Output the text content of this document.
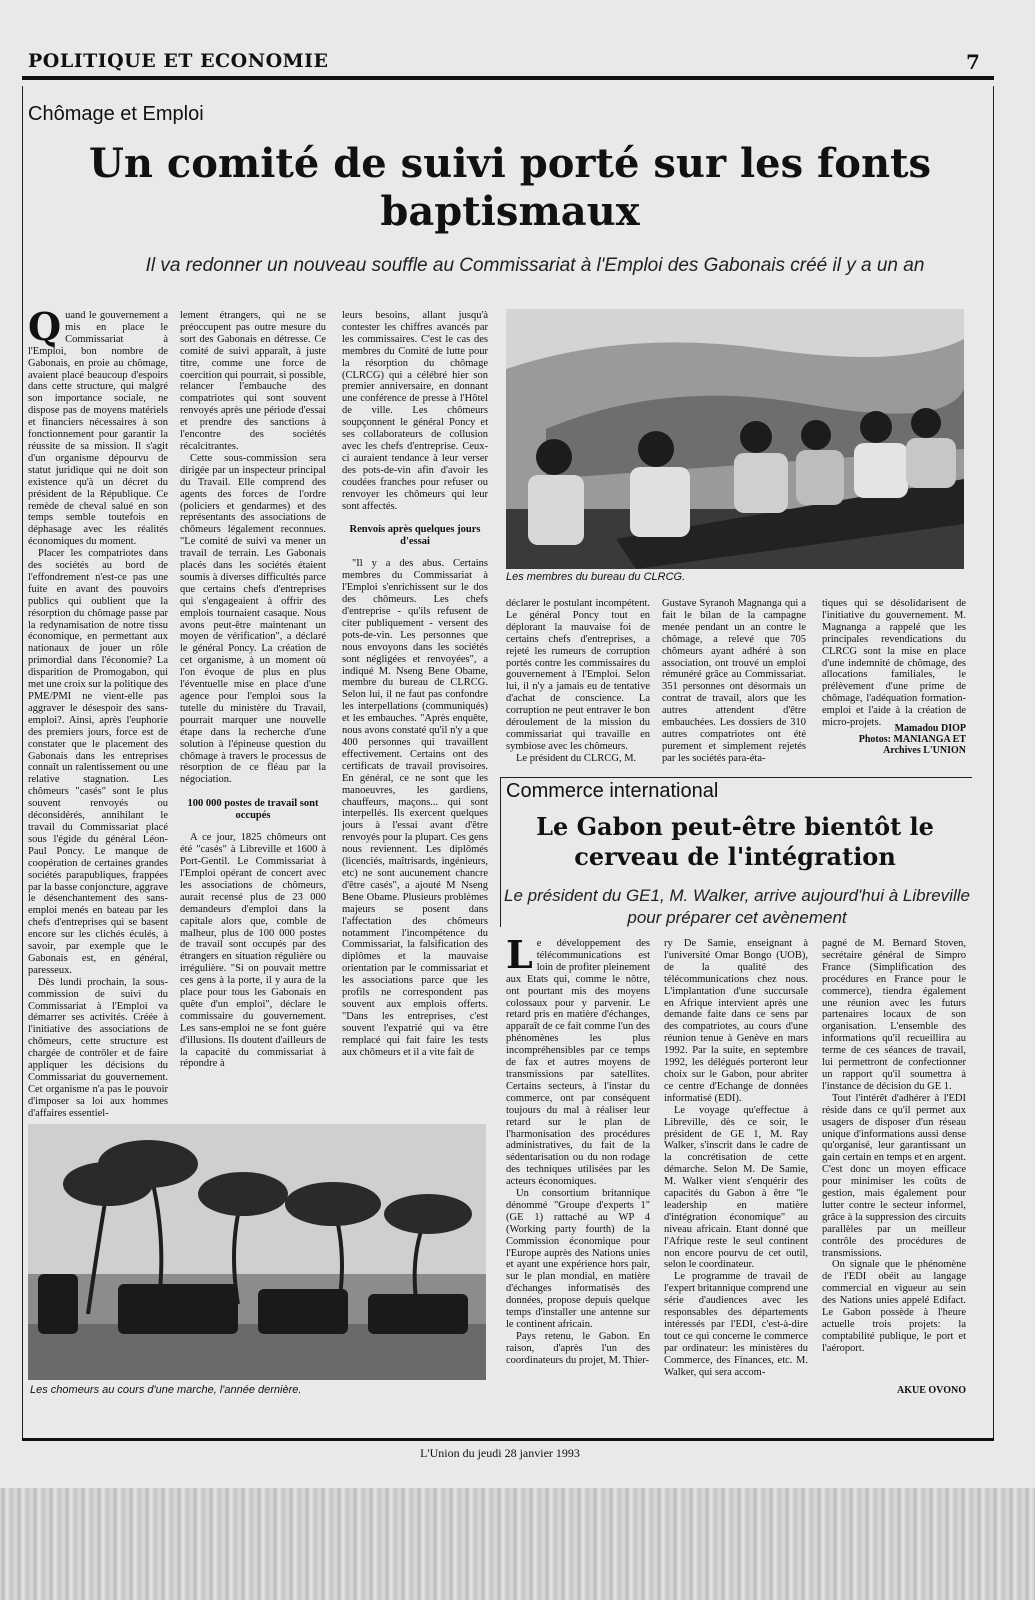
POLITIQUE ET ECONOMIE	7
Chômage et Emploi
Un comité de suivi porté sur les fonts baptismaux
Il va redonner un nouveau souffle au Commissariat à l'Emploi des Gabonais créé il y a un an
Q uand le gouvernement a mis en place le Commissariat à l'Emploi, bon nombre de Gabonais, en proie au chômage, avaient placé beaucoup d'espoirs dans cette structure, qui malgré son importance sociale, ne dispose pas de moyens matériels et financiers nécessaires à son fonctionnement pour garantir la réussite de sa mission. Il s'agit d'un organisme dépourvu de statut juridique qui ne doit son existence qu'à un décret du président de la République. Ce remède de cheval salué en son temps semble toutefois en déphasage avec les réalités économiques du moment.

Placer les compatriotes dans des sociétés au bord de l'effondrement n'est-ce pas une fuite en avant des pouvoirs publics qui oublient que la résorption du chômage passe par la redynamisation de notre tissu économique, en permettant aux nationaux de jouer un rôle primordial dans l'économie? La disparition de Promogabon, qui met une croix sur la politique des PME/PMI ne vient-elle pas aggraver le désespoir des sans-emploi?. Ainsi, après l'euphorie des premiers jours, force est de constater que le placement des Gabonais dans les entreprises connaît un ralentissement ou une relative stagnation. Les chômeurs "casés" sont le plus souvent renvoyés ou déconsidérés, annihilant le travail du Commissariat placé sous l'égide du général Léon-Paul Poncy. Le manque de coopération de certaines grandes sociétés parapubliques, frappées par la basse conjoncture, aggrave le désenchantement des sans-emploi menés en bateau par les chefs d'entreprises qui se basent encore sur les clichés éculés, à savoir, par exemple que le Gabonais est, en général, paresseux.

Dès lundi prochain, la sous-commission de suivi du Commissariat à l'Emploi va démarrer ses activités. Créée à l'initiative des associations de chômeurs, cette structure est chargée de contrôler et de faire appliquer les décisions du Commissariat du gouvernement. Cet organisme n'a pas le pouvoir d'imposer sa loi aux hommes d'affaires essentiel-

lement étrangers, qui ne se préoccupent pas outre mesure du sort des Gabonais en détresse. Ce comité de suivi apparaît, à juste titre, comme une force de coercition qui pourrait, si possible, relancer l'embauche des compatriotes qui sont souvent renvoyés après une période d'essai et prendre des sanctions à l'encontre des sociétés récalcitrantes.

Cette sous-commission sera dirigée par un inspecteur principal du Travail. Elle comprend des agents des forces de l'ordre (policiers et gendarmes) et des représentants des associations de chômeurs légalement reconnues. "Le comité de suivi va mener un travail de terrain. Les Gabonais placés dans les sociétés étaient soumis à diverses difficultés parce que certains chefs d'entreprises qui s'engageaient à offrir des emplois tournaient casaque. Nous avons peut-être maintenant un moyen de vérification", a déclaré le général Poncy. La création de cet organisme, à un moment où l'on évoque de plus en plus l'éventuelle mise en place d'une agence pour l'emploi sous la tutelle du ministère du Travail, pourrait marquer une nouvelle étape dans la recherche d'une solution à l'épineuse question du chômage à travers le processus de résorption de ce fléau par la négociation.

100 000 postes de travail sont occupés

A ce jour, 1825 chômeurs ont été "casés" à Libreville et 1600 à Port-Gentil. Le Commissariat à l'Emploi opérant de concert avec les associations de chômeurs, aurait recensé plus de 23 000 demandeurs d'emploi dans la capitale alors que, comble de malheur, plus de 100 000 postes de travail sont occupés par des étrangers en situation régulière ou irrégulière. "Si on pouvait mettre ces gens à la porte, il y aura de la place pour tous les Gabonais en quête d'un emploi", déclare le commissaire du gouvernement. Les sans-emploi ne se font guère d'illusions. Ils doutent d'ailleurs de la capacité du commissariat à répondre à

leurs besoins, allant jusqu'à contester les chiffres avancés par les commissaires. C'est le cas des membres du Comité de lutte pour la résorption du chômage (CLRCG) qui a célébré hier son premier anniversaire, en donnant une conférence de presse à l'Hôtel de ville. Les chômeurs soupçonnent le général Poncy et ses collaborateurs de collusion avec les chefs d'entreprise. Ceux-ci auraient tendance à leur verser des pots-de-vin afin d'avoir les coudées franches pour refuser ou renvoyer les chômeurs qui leur sont affectés.

Renvois après quelques jours d'essai

"Il y a des abus. Certains membres du Commissariat à l'Emploi s'enrichissent sur le dos des chômeurs. Les chefs d'entreprise - qu'ils refusent de citer publiquement - versent des pots-de-vin. Les personnes que nous envoyons dans les sociétés sont négligées et renvoyées", a indiqué M. Nseng Bene Obame, membre du bureau de CLRCG. Selon lui, il ne faut pas confondre les interpellations (communiqués) et les embauches. "Après enquête, nous avons constaté qu'il n'y a que 400 personnes qui travaillent effectivement. Certains ont des certificats de travail provisoires. En général, ce ne sont que les manoeuvres, les gardiens, chauffeurs, maçons... qui sont interpellés. Ils exercent quelques jours à l'essai avant d'être renvoyés pour la plupart. Ces gens nous reviennent. Les diplômés (licenciés, maîtrisards, ingénieurs, etc) ne sont aucunement chancre d'être casés", a ajouté M Nseng Bene Obame. Plusieurs problèmes majeurs se posent dans l'affectation des chômeurs notamment l'incompétence du Commissariat, la falsification des diplômes et la mauvaise orientation par le commissariat et les associations parce que les profils ne correspondent pas souvent aux emplois offerts. "Dans les entreprises, c'est souvent l'expatrié qui va être remplacé qui fait faire les tests aux chômeurs et il a vite fait de

Les membres du bureau du CLRCG.

déclarer le postulant incompétent. Le général Poncy tout en déplorant la mauvaise foi de certains chefs d'entreprises, a rejeté les rumeurs de corruption portés contre les commissaires du gouvernement à l'Emploi. Selon lui, il n'y a jamais eu de tentative d'achat de conscience. La corruption ne peut entraver le bon déroulement de la mission du commissariat qui travaille en symbiose avec les chômeurs.

Le président du CLRCG, M.

Gustave Syranoh Magnanga qui a fait le bilan de la campagne menée pendant un an contre le chômage, a relevé que 705 chômeurs ayant adhéré à son association, ont trouvé un emploi rémunéré grâce au Commissariat. 351 personnes ont désormais un contrat de travail, alors que les autres attendent d'être embauchées. Les dossiers de 310 autres compatriotes ont été purement et simplement rejetés par les sociétés para-éta-

tiques qui se désolidarisent de l'initiative du gouvernement. M. Magnanga a rappelé que les principales revendications du CLRCG sont la mise en place d'une indemnité de chômage, des allocations familiales, le prélèvement d'une prime de chômage, l'adéquation formation-emploi et l'aide à la création de micro-projets.

Mamadou DIOP
Photos: MANIANGA ET
Archives L'UNION
Commerce international
Le Gabon peut-être bientôt le cerveau de l'intégration
Le président du GE1, M. Walker, arrive aujourd'hui à Libreville pour préparer cet avènement
L e développement des télécommunications est loin de profiter pleinement aux Etats qui, comme le nôtre, ont pourtant mis des moyens colossaux pour y parvenir. Le retard pris en matière d'échanges, apparaît de ce fait comme l'un des phénomènes les plus incompréhensibles par ce temps de fax et autres moyens de transmissions par satellites. Certains secteurs, à l'instar du commerce, ont par conséquent toujours du mal à réaliser leur retard sur le plan de l'harmonisation des procédures administratives, du fait de la sédentarisation ou du non rodage des techniques utilisées par les acteurs économiques.

Un consortium britannique dénommé "Groupe d'experts 1" (GE 1) rattaché au WP 4 (Working party fourth) de la Commission économique pour l'Europe auprès des Nations unies et ayant une expérience hors pair, sur le plan mondial, en matière d'échanges informatisés des données, propose depuis quelque temps d'installer une antenne sur le continent africain.

Pays retenu, le Gabon. En raison, d'après l'un des coordinateurs du projet, M. Thier-

ry De Samie, enseignant à l'université Omar Bongo (UOB), de la qualité des télécommunications chez nous. L'implantation d'une succursale en Afrique intervient après une demande faite dans ce sens par des compatriotes, au cours d'une réunion tenue à Genève en mars 1992. Par la suite, en septembre 1992, les délégués porteront leur choix sur le Gabon, pour abriter ce centre d'Echange de données informatisé (EDI).

Le voyage qu'effectue à Libreville, dès ce soir, le président de GE 1, M. Ray Walker, s'inscrit dans le cadre de la concrétisation de cette démarche. Selon M. De Samie, M. Walker vient s'enquérir des capacités du Gabon à être "le leadership en matière d'intégration économique" au niveau africain. Etant donné que l'Afrique reste le seul continent non encore pourvu de cet outil, selon le coordinateur.

Le programme de travail de l'expert britannique comprend une série d'audiences avec les responsables des départements intéressés par l'EDI, c'est-à-dire tout ce qui concerne le commerce par ordinateur: les ministères du Commerce, des Finances, etc. M. Walker, qui sera accom-

pagné de M. Bernard Stoven, secrétaire général de Simpro France (Simplification des procédures en France pour le commerce), tiendra également une réunion avec les futurs partenaires locaux de son organisation. L'ensemble des informations qu'il recueillira au terme de ces séances de travail, lui permettront de confectionner un rapport qu'il soumettra à l'instance de décision du GE 1.

Tout l'intérêt d'adhérer à l'EDI réside dans ce qu'il permet aux usagers de disposer d'un réseau unique d'informations aussi dense qu'organisé, leur garantissant un gain certain en temps et en argent. C'est donc un moyen efficace pour minimiser les coûts de gestion, mais également pour lutter contre le secteur informel, grâce à la suppression des circuits parallèles par un meilleur contrôle des procédures de transmissions.

On signale que le phénomène de l'EDI obéit au langage commercial en vigueur au sein des Nations unies appelé Edifact. Le Gabon possède à l'heure actuelle trois projets: la comptabilité publique, le port et l'aéroport.

AKUE OVONO
Les chomeurs au cours d'une marche, l'année dernière.
L'Union du jeudi 28 janvier 1993
